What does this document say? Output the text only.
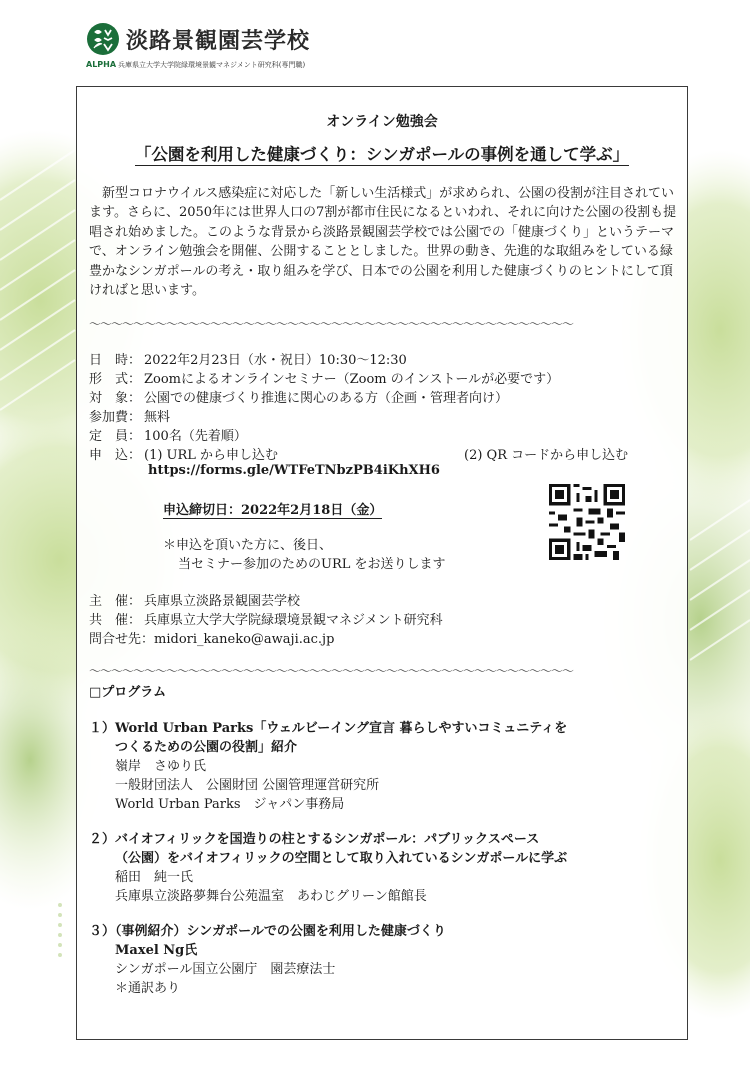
淡路景観園芸学校
ALPHA 兵庫県立大学大学院緑環境景観マネジメント研究科(専門職)
オンライン勉強会
「公園を利用した健康づくり：シンガポールの事例を通して学ぶ」
　新型コロナウイルス感染症に対応した「新しい生活様式」が求められ、公園の役割が注目されています。さらに、2050年には世界人口の7割が都市住民になるといわれ、それに向けた公園の役割も提唱され始めました。このような背景から淡路景観園芸学校では公園での「健康づくり」というテーマで、オンライン勉強会を開催、公開することとしました。世界の動き、先進的な取組みをしている緑豊かなシンガポールの考え・取り組みを学び、日本での公園を利用した健康づくりのヒントにして頂ければと思います。
～～～～～～～～～～～～～～～～～～～～～～～～～～～～～～～～～～～～～～～～～～～～
日　時： 2022年2月23日（水・祝日）10:30～12:30
形　式： Zoomによるオンラインセミナー（Zoom のインストールが必要です）
対　象： 公園での健康づくり推進に関心のある方（企画・管理者向け）
参加費： 無料
定　員： 100名（先着順）
申　込： (1) URL から申し込む	(2) QR コードから申し込む
https://forms.gle/WTFeTNbzPB4iKhXH6
申込締切日：2022年2月18日（金）
＊申込を頂いた方に、後日、
当セミナー参加のためのURL をお送りします
主　催： 兵庫県立淡路景観園芸学校
共　催： 兵庫県立大学大学院緑環境景観マネジメント研究科
問合せ先：midori_kaneko@awaji.ac.jp
～～～～～～～～～～～～～～～～～～～～～～～～～～～～～～～～～～～～～～～～～～～～
□プログラム
１）World Urban Parks「ウェルビーイング宣言 暮らしやすいコミュニティを
つくるための公園の役割」紹介
嶺岸　さゆり氏
一般財団法人　公園財団 公園管理運営研究所
World Urban Parks　ジャパン事務局
２）バイオフィリックを国造りの柱とするシンガポール：パブリックスペース
（公園）をバイオフィリックの空間として取り入れているシンガポールに学ぶ
稲田　純一氏
兵庫県立淡路夢舞台公苑温室　あわじグリーン館館長
３）（事例紹介）シンガポールでの公園を利用した健康づくり
Maxel Ng氏
シンガポール国立公園庁　園芸療法士
＊通訳あり
